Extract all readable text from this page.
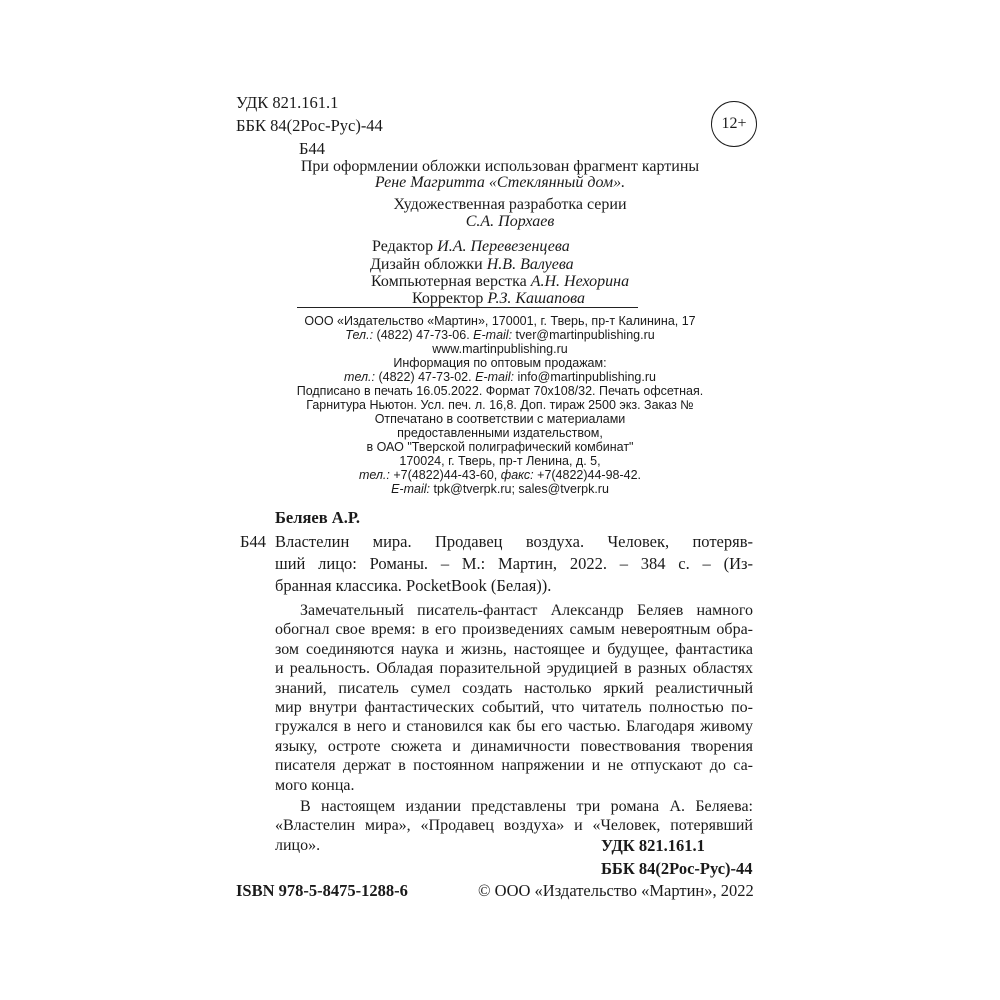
УДК 821.161.1
ББК 84(2Рос-Рус)-44
Б44
12+
При оформлении обложки использован фрагмент картины
Рене Магритта «Стеклянный дом».
Художественная разработка серии
С.А. Порхаев
Редактор И.А. Перевезенцева
Дизайн обложки Н.В. Валуева
Компьютерная верстка А.Н. Нехорина
Корректор Р.З. Кашапова
ООО «Издательство «Мартин», 170001, г. Тверь, пр-т Калинина, 17
Тел.: (4822) 47-73-06. E-mail: tver@martinpublishing.ru
www.martinpublishing.ru
Информация по оптовым продажам:
тел.: (4822) 47-73-02. E-mail: info@martinpublishing.ru
Подписано в печать 16.05.2022. Формат 70x108/32. Печать офсетная.
Гарнитура Ньютон. Усл. печ. л. 16,8. Доп. тираж 2500 экз. Заказ №
Отпечатано в соответствии с материалами
предоставленными издательством,
в ОАО "Тверской полиграфический комбинат"
170024, г. Тверь, пр-т Ленина, д. 5,
тел.: +7(4822)44-43-60, факс: +7(4822)44-98-42.
E-mail: tpk@tverpk.ru; sales@tverpk.ru
Беляев А.Р.
Б44 Властелин мира. Продавец воздуха. Человек, потеряв-
ший лицо: Романы. – М.: Мартин, 2022. – 384 с. – (Из-
бранная классика. PocketBook (Белая)).
Замечательный писатель-фантаст Александр Беляев намного
обогнал свое время: в его произведениях самым невероятным обра-
зом соединяются наука и жизнь, настоящее и будущее, фантастика
и реальность. Обладая поразительной эрудицией в разных областях
знаний, писатель сумел создать настолько яркий реалистичный
мир внутри фантастических событий, что читатель полностью по-
гружался в него и становился как бы его частью. Благодаря живому
языку, остроте сюжета и динамичности повествования творения
писателя держат в постоянном напряжении и не отпускают до са-
мого конца.
В настоящем издании представлены три романа А. Беляева:
«Властелин мира», «Продавец воздуха» и «Человек, потерявший
лицо».	УДК 821.161.1
ББК 84(2Рос-Рус)-44
ISBN 978-5-8475-1288-6	© ООО «Издательство «Мартин», 2022
